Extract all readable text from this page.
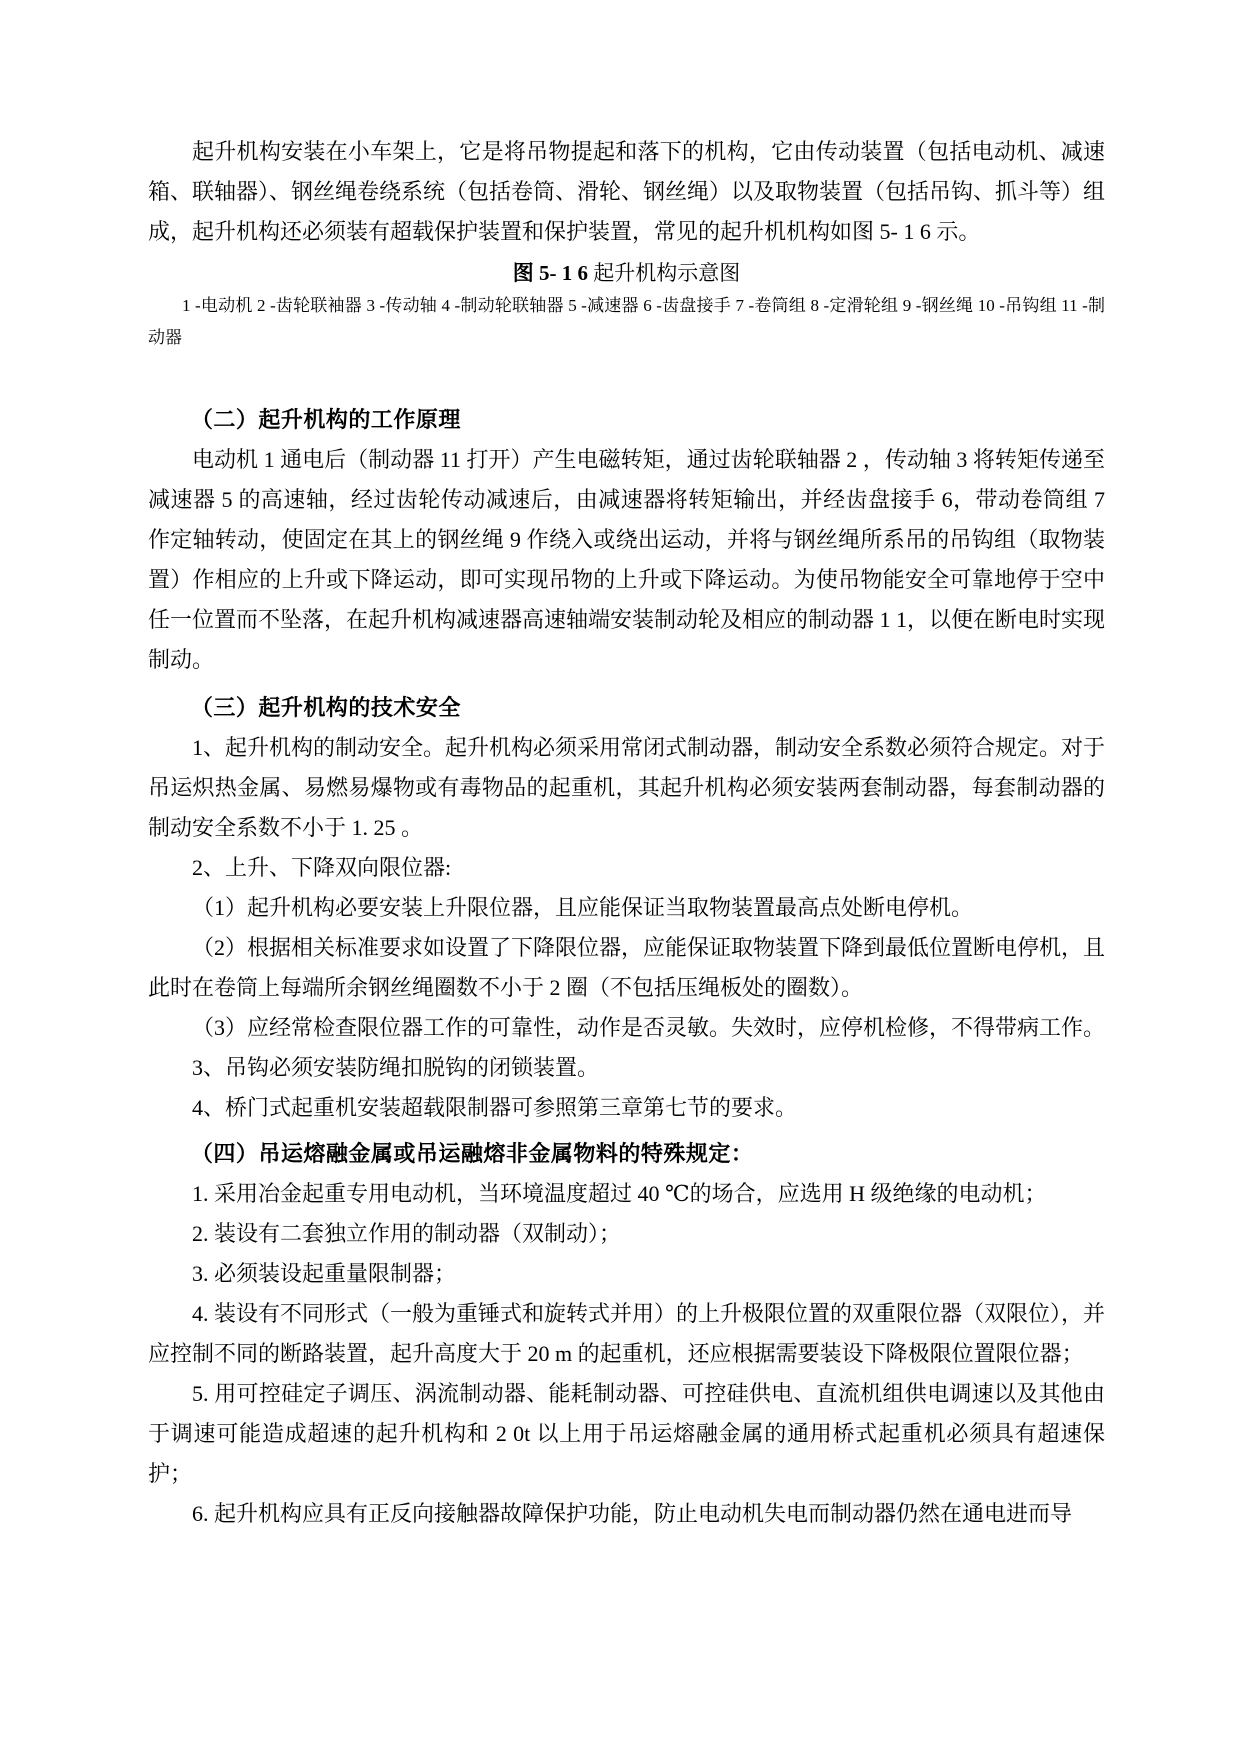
起升机构安装在小车架上，它是将吊物提起和落下的机构，它由传动装置（包括电动机、减速箱、联轴器）、钢丝绳卷绕系统（包括卷筒、滑轮、钢丝绳）以及取物装置（包括吊钩、抓斗等）组成，起升机构还必须装有超载保护装置和保护装置，常见的起升机机构如图 5- 1 6 示。

图 5- 1 6 起升机构示意图

1 -电动机 2 -齿轮联袖器 3 -传动轴 4 -制动轮联轴器 5 -减速器 6 -齿盘接手 7 -卷筒组 8 -定滑轮组 9 -钢丝绳 10 -吊钩组 11 -制动器

（二）起升机构的工作原理

电动机 1 通电后（制动器 11 打开）产生电磁转矩，通过齿轮联轴器 2 ，传动轴 3 将转矩传递至减速器 5 的高速轴，经过齿轮传动减速后，由减速器将转矩输出，并经齿盘接手 6，带动卷筒组 7 作定轴转动，使固定在其上的钢丝绳 9 作绕入或绕出运动，并将与钢丝绳所系吊的吊钩组（取物装置）作相应的上升或下降运动，即可实现吊物的上升或下降运动。为使吊物能安全可靠地停于空中任一位置而不坠落，在起升机构减速器高速轴端安装制动轮及相应的制动器 1 1，以便在断电时实现制动。

（三）起升机构的技术安全

1、起升机构的制动安全。起升机构必须采用常闭式制动器，制动安全系数必须符合规定。对于吊运炽热金属、易燃易爆物或有毒物品的起重机，其起升机构必须安装两套制动器，每套制动器的制动安全系数不小于 1. 25 。

2、上升、下降双向限位器:

（1）起升机构必要安装上升限位器，且应能保证当取物装置最高点处断电停机。

（2）根据相关标准要求如设置了下降限位器，应能保证取物装置下降到最低位置断电停机，且此时在卷筒上每端所余钢丝绳圈数不小于 2 圈（不包括压绳板处的圈数）。

（3）应经常检查限位器工作的可靠性，动作是否灵敏。失效时，应停机检修，不得带病工作。

3、吊钩必须安装防绳扣脱钩的闭锁装置。

4、桥门式起重机安装超载限制器可参照第三章第七节的要求。

（四）吊运熔融金属或吊运融熔非金属物料的特殊规定：

1. 采用冶金起重专用电动机，当环境温度超过 40 ℃的场合，应选用 H 级绝缘的电动机；

2. 装设有二套独立作用的制动器（双制动）；

3. 必须装设起重量限制器；

4. 装设有不同形式（一般为重锤式和旋转式并用）的上升极限位置的双重限位器（双限位），并应控制不同的断路装置，起升高度大于 20 m 的起重机，还应根据需要装设下降极限位置限位器；

5. 用可控硅定子调压、涡流制动器、能耗制动器、可控硅供电、直流机组供电调速以及其他由于调速可能造成超速的起升机构和 2 0t 以上用于吊运熔融金属的通用桥式起重机必须具有超速保护；

6. 起升机构应具有正反向接触器故障保护功能，防止电动机失电而制动器仍然在通电进而导
